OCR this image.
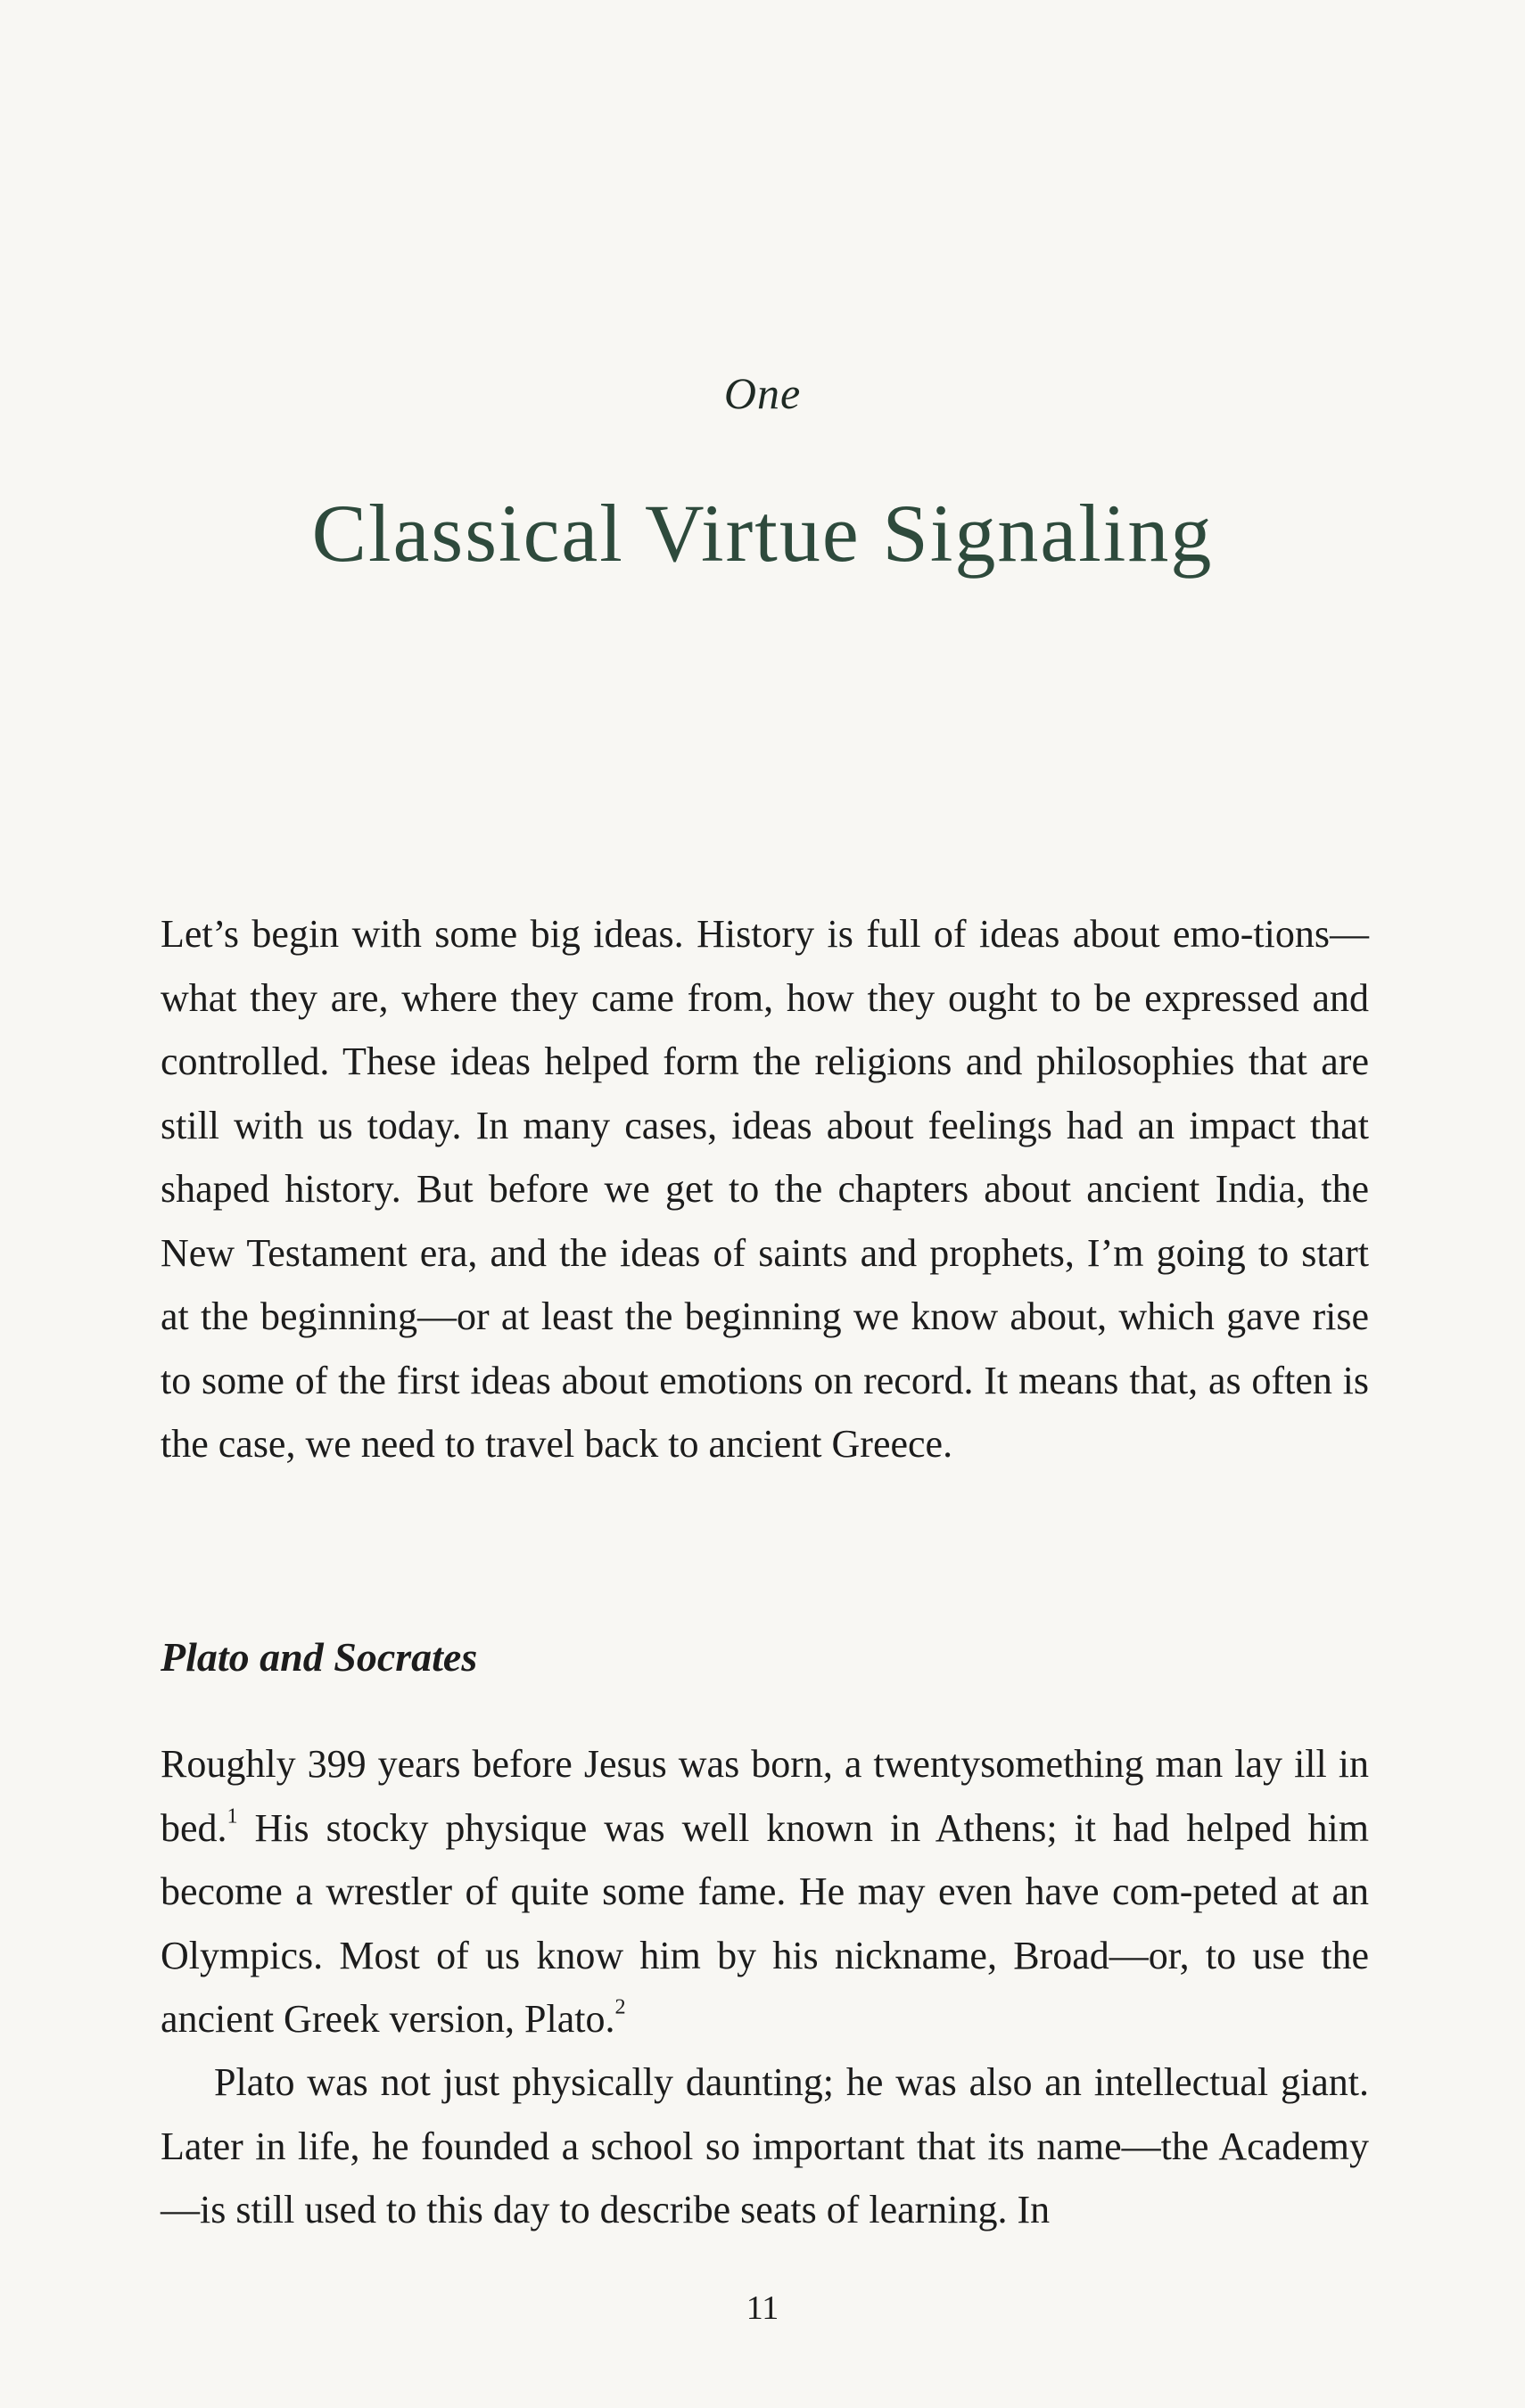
One
Classical Virtue Signaling

Let’s begin with some big ideas. History is full of ideas about emo-tions—what they are, where they came from, how they ought to be expressed and controlled. These ideas helped form the religions and philosophies that are still with us today. In many cases, ideas about feelings had an impact that shaped history. But before we get to the chapters about ancient India, the New Testament era, and the ideas of saints and prophets, I’m going to start at the beginning—or at least the beginning we know about, which gave rise to some of the first ideas about emotions on record. It means that, as often is the case, we need to travel back to ancient Greece.

Plato and Socrates

Roughly 399 years before Jesus was born, a twentysomething man lay ill in bed.$^1$ His stocky physique was well known in Athens; it had helped him become a wrestler of quite some fame. He may even have com-peted at an Olympics. Most of us know him by his nickname, Broad—or, to use the ancient Greek version, Plato.$^2$

Plato was not just physically daunting; he was also an intellectual giant. Later in life, he founded a school so important that its name—the Academy—is still used to this day to describe seats of learning. In

11
